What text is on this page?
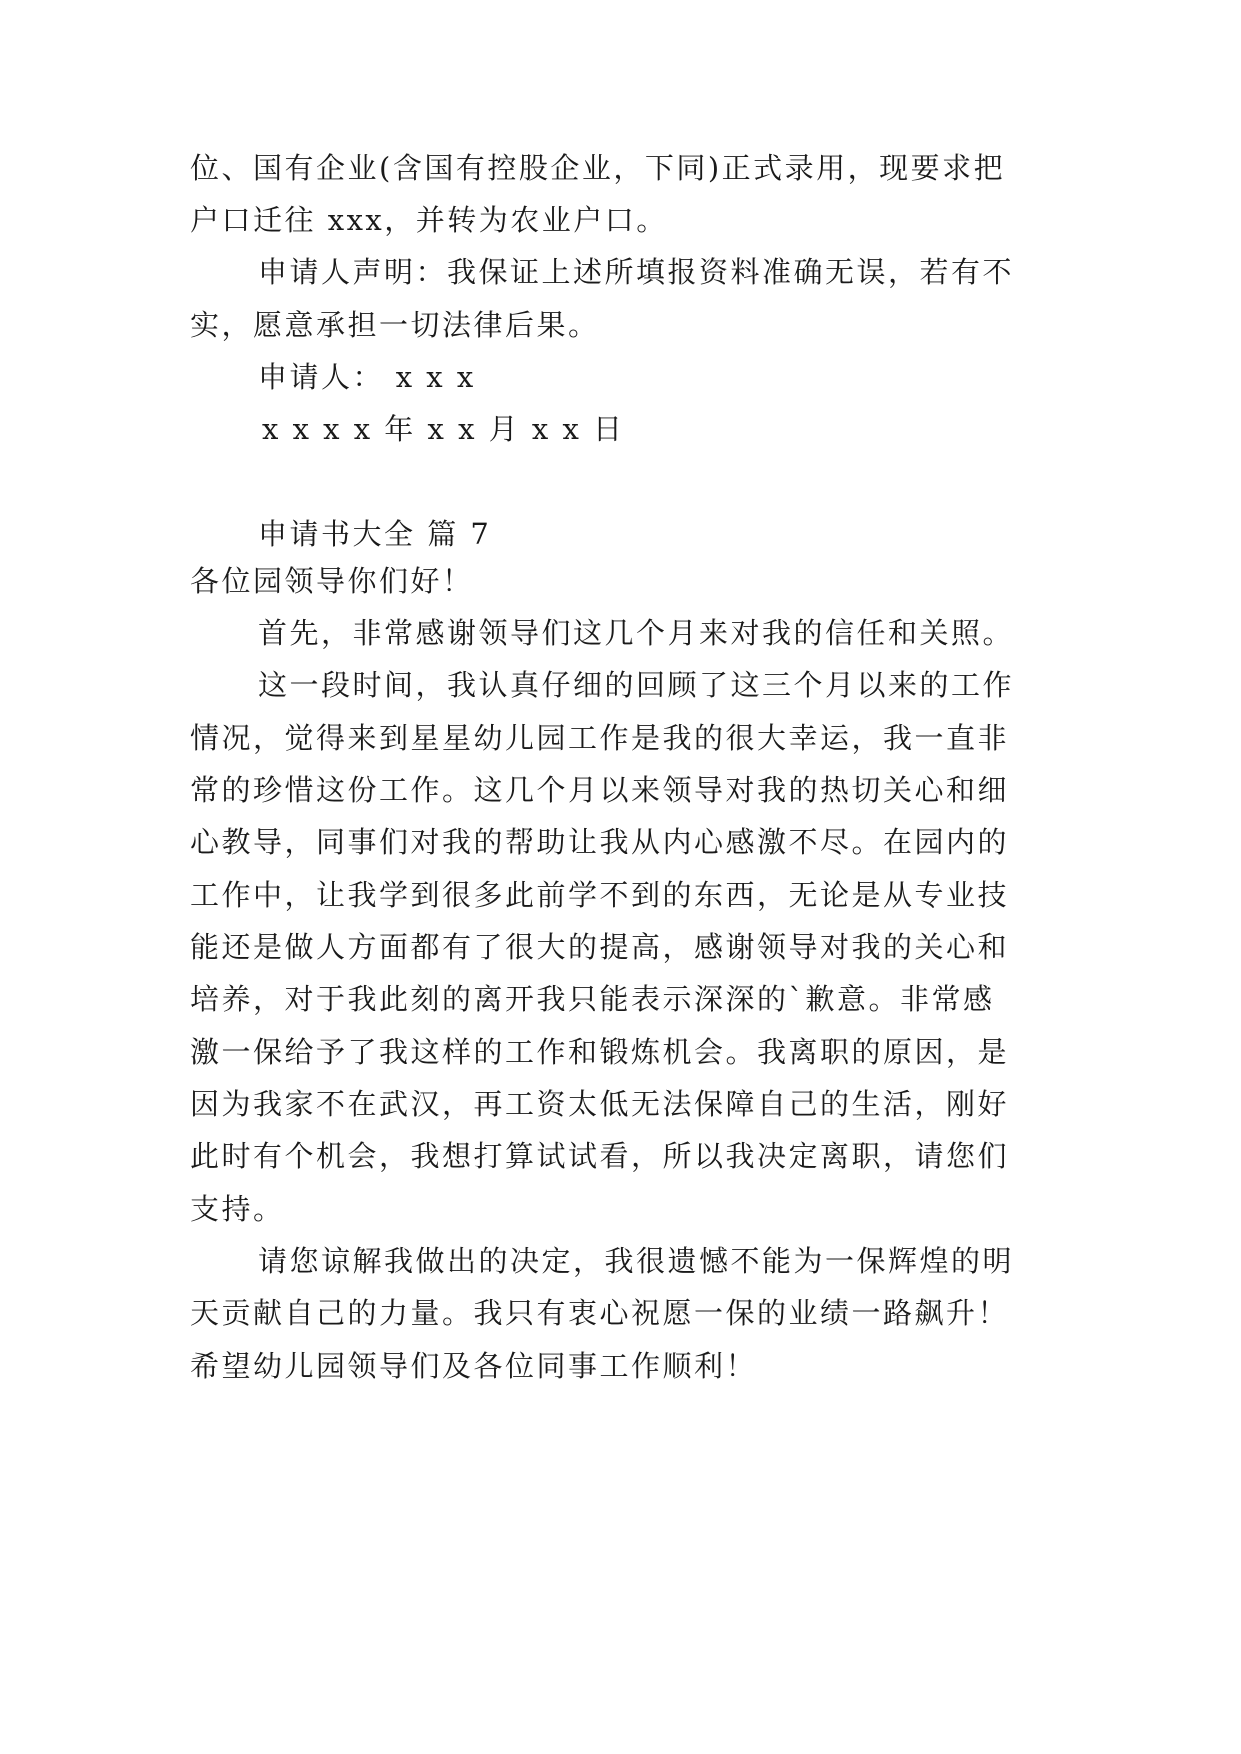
位、国有企业(含国有控股企业，下同)正式录用，现要求把

户口迁往 xxx，并转为农业户口。

申请人声明：我保证上述所填报资料准确无误，若有不

实，愿意承担一切法律后果。

申请人： x x x

x x x x 年 x x 月 x x 日

申请书大全 篇 7

各位园领导你们好！

首先，非常感谢领导们这几个月来对我的信任和关照。

这一段时间，我认真仔细的回顾了这三个月以来的工作

情况，觉得来到星星幼儿园工作是我的很大幸运，我一直非

常的珍惜这份工作。这几个月以来领导对我的热切关心和细

心教导，同事们对我的帮助让我从内心感激不尽。在园内的

工作中，让我学到很多此前学不到的东西，无论是从专业技

能还是做人方面都有了很大的提高，感谢领导对我的关心和

培养，对于我此刻的离开我只能表示深深的`歉意。非常感

激一保给予了我这样的工作和锻炼机会。我离职的原因，是

因为我家不在武汉，再工资太低无法保障自己的生活，刚好

此时有个机会，我想打算试试看，所以我决定离职，请您们

支持。

请您谅解我做出的决定，我很遗憾不能为一保辉煌的明

天贡献自己的力量。我只有衷心祝愿一保的业绩一路飙升！

希望幼儿园领导们及各位同事工作顺利！
